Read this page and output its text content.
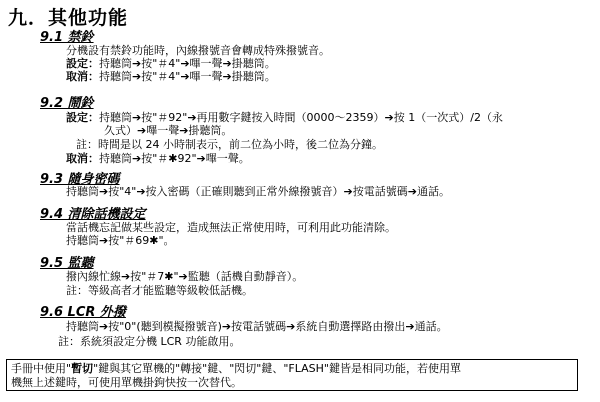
九．其他功能
9.1 禁鈴
分機設有禁鈴功能時，內線撥號音會轉成特殊撥號音。
設定：持聽筒➔按"＃4"➔嗶一聲➔掛聽筒。
取消：持聽筒➔按"＃4"➔嗶一聲➔掛聽筒。
9.2 鬧鈴
設定：持聽筒➔按"＃92"➔再用數字鍵按入時間（0000～2359）➔按 1（一次式）/2（永
久式）➔嗶一聲➔掛聽筒。
註：時間是以 24 小時制表示，前二位為小時，後二位為分鐘。
取消：持聽筒➔按"＃✱92"➔嗶一聲。
9.3 隨身密碼
持聽筒➔按"4"➔按入密碼（正確則聽到正常外線撥號音）➔按電話號碼➔通話。
9.4 清除話機設定
當話機忘記做某些設定，造成無法正常使用時，可利用此功能清除。
持聽筒➔按"＃69✱"。
9.5 監聽
撥內線忙線➔按"＃7✱"➔監聽（話機自動靜音）。
註：等級高者才能監聽等級較低話機。
9.6 LCR 外撥
持聽筒➔按"0"(聽到模擬撥號音)➔按電話號碼➔系統自動選擇路由撥出➔通話。
註：系統須設定分機 LCR 功能啟用。
手冊中使用"暫切"鍵與其它單機的"轉接"鍵、"閃切"鍵、"FLASH"鍵皆是相同功能，若使用單
機無上述鍵時，可使用單機掛鉤快按一次替代。
